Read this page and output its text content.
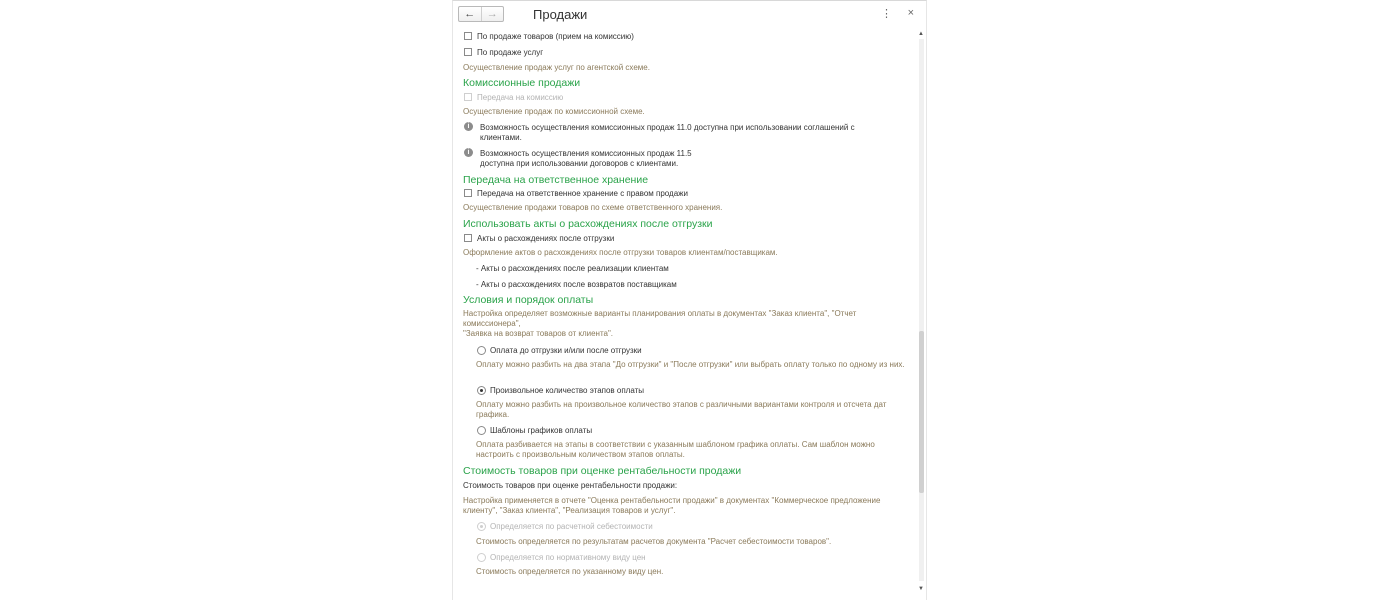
← →	Продажи	⋮ ×
По продаже товаров (прием на комиссию)
По продаже услуг
Осуществление продаж услуг по агентской схеме.
Комиссионные продажи
Передача на комиссию
Осуществление продаж по комиссионной схеме.
i	Возможность осуществления комиссионных продаж 11.0 доступна при использовании соглашений с клиентами.
i	Возможность осуществления комиссионных продаж 11.5
доступна при использовании договоров с клиентами.
Передача на ответственное хранение
Передача на ответственное хранение с правом продажи
Осуществление продажи товаров по схеме ответственного хранения.
Использовать акты о расхождениях после отгрузки
Акты о расхождениях после отгрузки
Оформление актов о расхождениях после отгрузки товаров клиентам/поставщикам.
- Акты о расхождениях после реализации клиентам
- Акты о расхождениях после возвратов поставщикам
Условия и порядок оплаты
Настройка определяет возможные варианты планирования оплаты в документах "Заказ клиента", "Отчет комиссионера",
"Заявка на возврат товаров от клиента".
Оплата до отгрузки и/или после отгрузки
Оплату можно разбить на два этапа "До отгрузки" и "После отгрузки" или выбрать оплату только по одному из них.
Произвольное количество этапов оплаты
Оплату можно разбить на произвольное количество этапов с различными вариантами контроля и отсчета дат графика.
Шаблоны графиков оплаты
Оплата разбивается на этапы в соответствии с указанным шаблоном графика оплаты. Сам шаблон можно настроить с произвольным количеством этапов оплаты.
Стоимость товаров при оценке рентабельности продажи
Стоимость товаров при оценке рентабельности продажи:
Настройка применяется в отчете "Оценка рентабельности продажи" в документах "Коммерческое предложение клиенту", "Заказ клиента", "Реализация товаров и услуг".
Определяется по расчетной себестоимости
Стоимость определяется по результатам расчетов документа "Расчет себестоимости товаров".
Определяется по нормативному виду цен
Стоимость определяется по указанному виду цен.
▲
▼
